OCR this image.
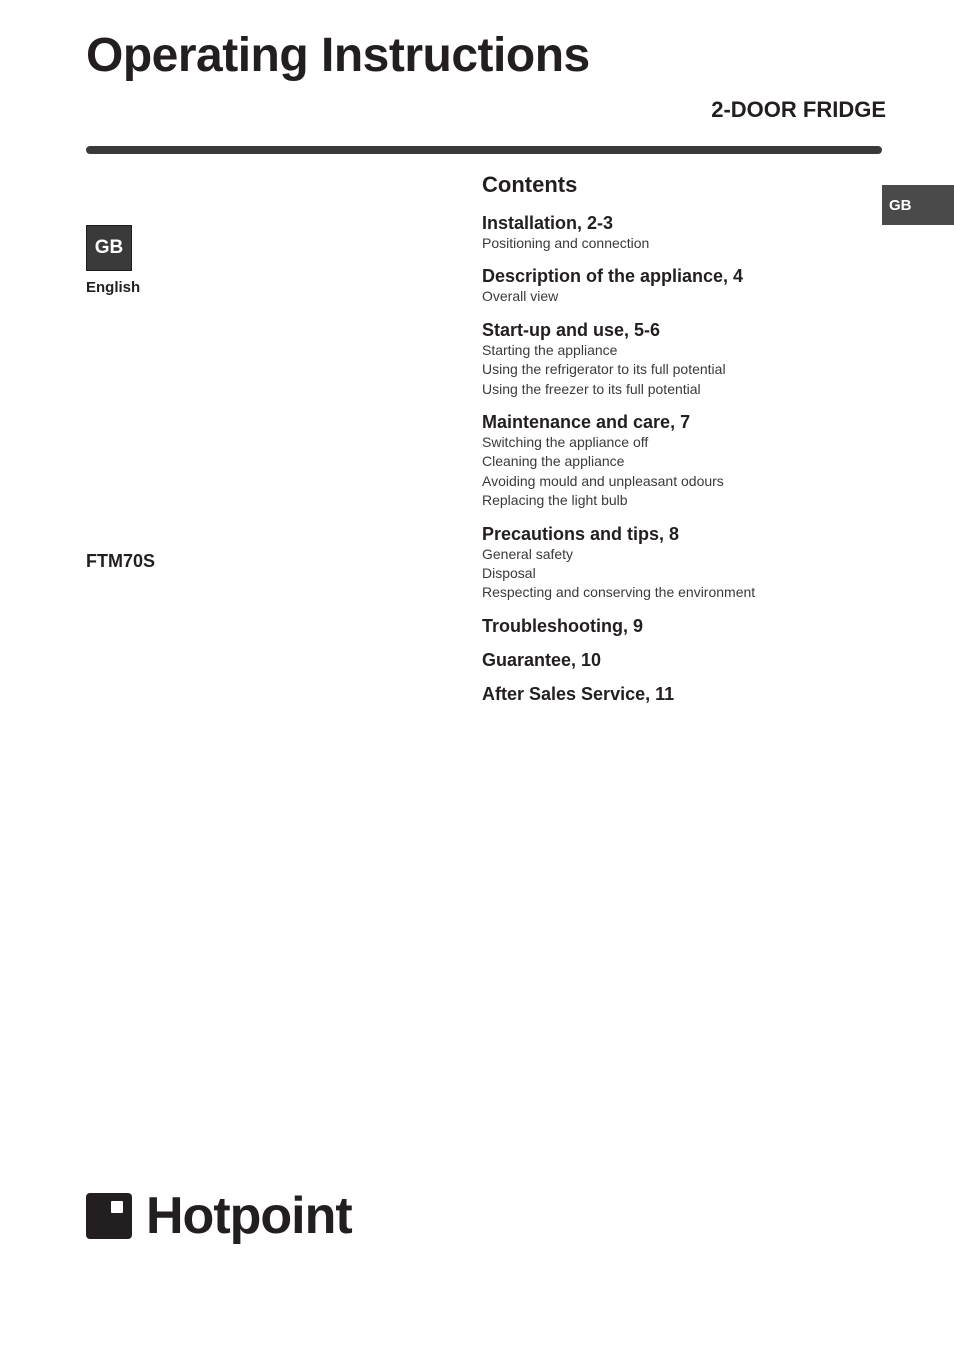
Operating Instructions
2-DOOR FRIDGE
GB
English
GB
FTM70S
Contents
Installation, 2-3
Positioning and connection
Description of the appliance, 4
Overall view
Start-up and use, 5-6
Starting the appliance
Using the refrigerator to its full potential
Using the freezer to its full potential
Maintenance and care, 7
Switching the appliance off
Cleaning the appliance
Avoiding mould and unpleasant odours
Replacing the light bulb
Precautions and tips, 8
General safety
Disposal
Respecting and conserving the environment
Troubleshooting, 9
Guarantee, 10
After Sales Service, 11
Hotpoint
